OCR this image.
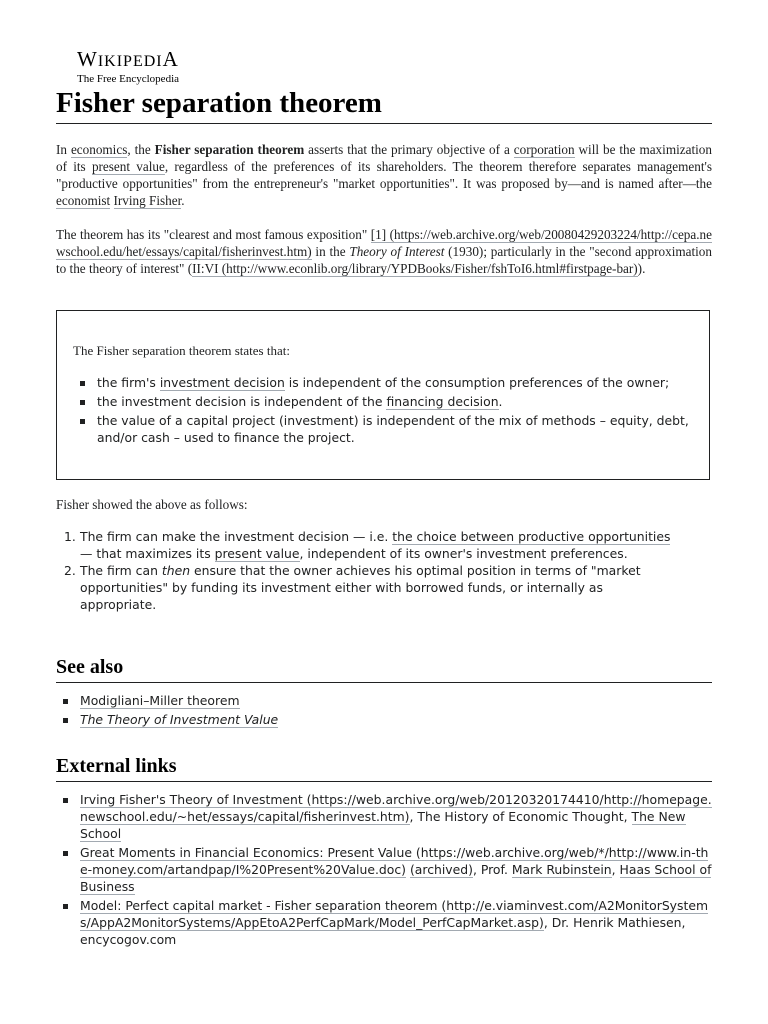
WIKIPEDIA
The Free Encyclopedia
Fisher separation theorem

In economics, the Fisher separation theorem asserts that the primary objective of a corporation will be the maximization of its present value, regardless of the preferences of its shareholders. The theorem therefore separates management's "productive opportunities" from the entrepreneur's "market opportunities". It was proposed by—and is named after—the economist Irving Fisher.

The theorem has its "clearest and most famous exposition" [1] (https://web.archive.org/web/20080429203224/http://cepa.newschool.edu/het/essays/capital/fisherinvest.htm) in the Theory of Interest (1930); particularly in the "second approximation to the theory of interest" (II:VI (http://www.econlib.org/library/YPDBooks/Fisher/fshToI6.html#firstpage-bar)).

The Fisher separation theorem states that:
the firm's investment decision is independent of the consumption preferences of the owner;
the investment decision is independent of the financing decision.
the value of a capital project (investment) is independent of the mix of methods – equity, debt, and/or cash – used to finance the project.

Fisher showed the above as follows:

1. The firm can make the investment decision — i.e. the choice between productive opportunities — that maximizes its present value, independent of its owner's investment preferences.
2. The firm can then ensure that the owner achieves his optimal position in terms of "market opportunities" by funding its investment either with borrowed funds, or internally as appropriate.
See also
Modigliani–Miller theorem
The Theory of Investment Value
External links
Irving Fisher's Theory of Investment (https://web.archive.org/web/20120320174410/http://homepage.newschool.edu/~het/essays/capital/fisherinvest.htm), The History of Economic Thought, The New School
Great Moments in Financial Economics: Present Value (https://web.archive.org/web/*/http://www.in-the-money.com/artandpap/I%20Present%20Value.doc) (archived), Prof. Mark Rubinstein, Haas School of Business
Model: Perfect capital market - Fisher separation theorem (http://e.viaminvest.com/A2MonitorSystems/AppA2MonitorSystems/AppEtoA2PerfCapMark/Model_PerfCapMarket.asp), Dr. Henrik Mathiesen, encycogov.com
